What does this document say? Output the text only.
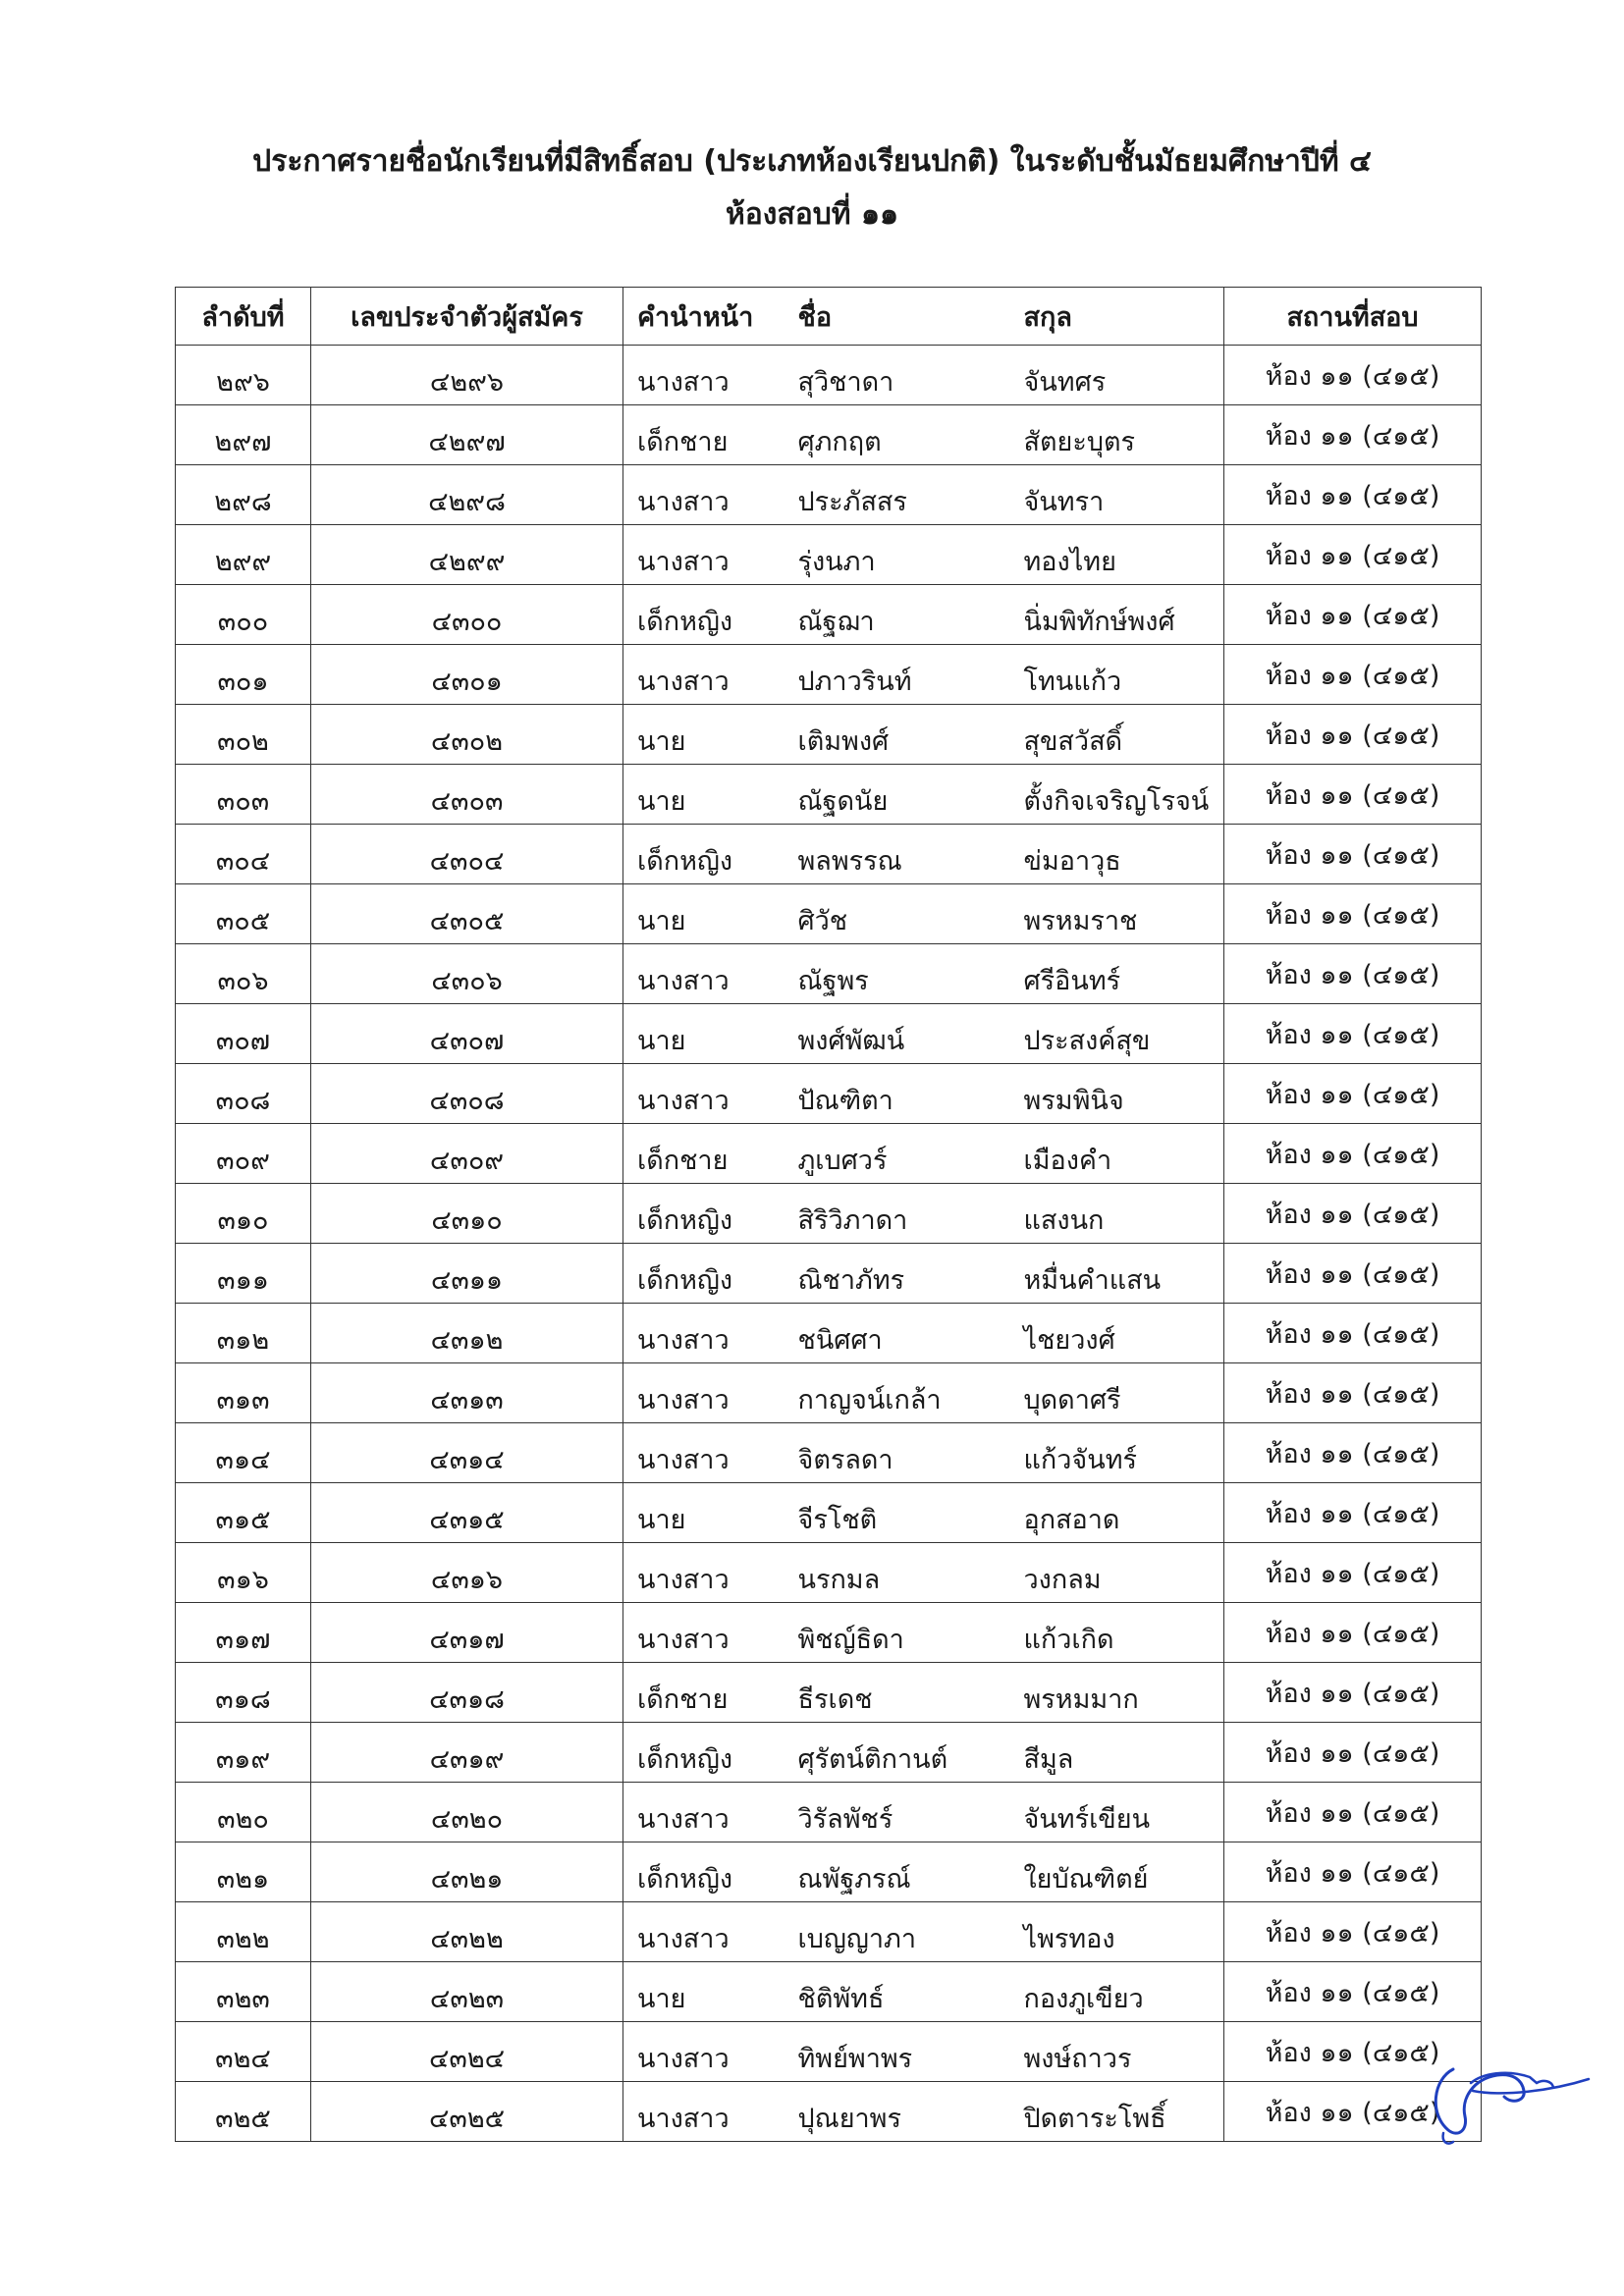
ประกาศรายชื่อนักเรียนที่มีสิทธิ์สอบ (ประเภทห้องเรียนปกติ) ในระดับชั้นมัธยมศึกษาปีที่ ๔
ห้องสอบที่ ๑๑
ลำดับที่	เลขประจำตัวผู้สมัคร	คำนำหน้า	ชื่อ	สกุล	สถานที่สอบ
๒๙๖	๔๒๙๖	นางสาว	สุวิชาดา	จันทศร	ห้อง ๑๑ (๔๑๕)
๒๙๗	๔๒๙๗	เด็กชาย	ศุภกฤต	สัตยะบุตร	ห้อง ๑๑ (๔๑๕)
๒๙๘	๔๒๙๘	นางสาว	ประภัสสร	จันทรา	ห้อง ๑๑ (๔๑๕)
๒๙๙	๔๒๙๙	นางสาว	รุ่งนภา	ทองไทย	ห้อง ๑๑ (๔๑๕)
๓๐๐	๔๓๐๐	เด็กหญิง	ณัฐฌา	นิ่มพิทักษ์พงศ์	ห้อง ๑๑ (๔๑๕)
๓๐๑	๔๓๐๑	นางสาว	ปภาวรินท์	โทนแก้ว	ห้อง ๑๑ (๔๑๕)
๓๐๒	๔๓๐๒	นาย	เติมพงศ์	สุขสวัสดิ์	ห้อง ๑๑ (๔๑๕)
๓๐๓	๔๓๐๓	นาย	ณัฐดนัย	ตั้งกิจเจริญโรจน์	ห้อง ๑๑ (๔๑๕)
๓๐๔	๔๓๐๔	เด็กหญิง	พลพรรณ	ข่มอาวุธ	ห้อง ๑๑ (๔๑๕)
๓๐๕	๔๓๐๕	นาย	ศิวัช	พรหมราช	ห้อง ๑๑ (๔๑๕)
๓๐๖	๔๓๐๖	นางสาว	ณัฐพร	ศรีอินทร์	ห้อง ๑๑ (๔๑๕)
๓๐๗	๔๓๐๗	นาย	พงศ์พัฒน์	ประสงค์สุข	ห้อง ๑๑ (๔๑๕)
๓๐๘	๔๓๐๘	นางสาว	ปัณฑิตา	พรมพินิจ	ห้อง ๑๑ (๔๑๕)
๓๐๙	๔๓๐๙	เด็กชาย	ภูเบศวร์	เมืองคำ	ห้อง ๑๑ (๔๑๕)
๓๑๐	๔๓๑๐	เด็กหญิง	สิริวิภาดา	แสงนก	ห้อง ๑๑ (๔๑๕)
๓๑๑	๔๓๑๑	เด็กหญิง	ณิชาภัทร	หมื่นคำแสน	ห้อง ๑๑ (๔๑๕)
๓๑๒	๔๓๑๒	นางสาว	ชนิศศา	ไชยวงศ์	ห้อง ๑๑ (๔๑๕)
๓๑๓	๔๓๑๓	นางสาว	กาญจน์เกล้า	บุดดาศรี	ห้อง ๑๑ (๔๑๕)
๓๑๔	๔๓๑๔	นางสาว	จิตรลดา	แก้วจันทร์	ห้อง ๑๑ (๔๑๕)
๓๑๕	๔๓๑๕	นาย	จีรโชติ	อุกสอาด	ห้อง ๑๑ (๔๑๕)
๓๑๖	๔๓๑๖	นางสาว	นรกมล	วงกลม	ห้อง ๑๑ (๔๑๕)
๓๑๗	๔๓๑๗	นางสาว	พิชญ์ธิดา	แก้วเกิด	ห้อง ๑๑ (๔๑๕)
๓๑๘	๔๓๑๘	เด็กชาย	ธีรเดช	พรหมมาก	ห้อง ๑๑ (๔๑๕)
๓๑๙	๔๓๑๙	เด็กหญิง	ศุรัตน์ติกานต์	สีมูล	ห้อง ๑๑ (๔๑๕)
๓๒๐	๔๓๒๐	นางสาว	วิรัลพัชร์	จันทร์เขียน	ห้อง ๑๑ (๔๑๕)
๓๒๑	๔๓๒๑	เด็กหญิง	ณพัฐภรณ์	ใยบัณฑิตย์	ห้อง ๑๑ (๔๑๕)
๓๒๒	๔๓๒๒	นางสาว	เบญญาภา	ไพรทอง	ห้อง ๑๑ (๔๑๕)
๓๒๓	๔๓๒๓	นาย	ชิติพัทธ์	กองภูเขียว	ห้อง ๑๑ (๔๑๕)
๓๒๔	๔๓๒๔	นางสาว	ทิพย์พาพร	พงษ์ถาวร	ห้อง ๑๑ (๔๑๕)
๓๒๕	๔๓๒๕	นางสาว	ปุณยาพร	ปิดตาระโพธิ์	ห้อง ๑๑ (๔๑๕)
